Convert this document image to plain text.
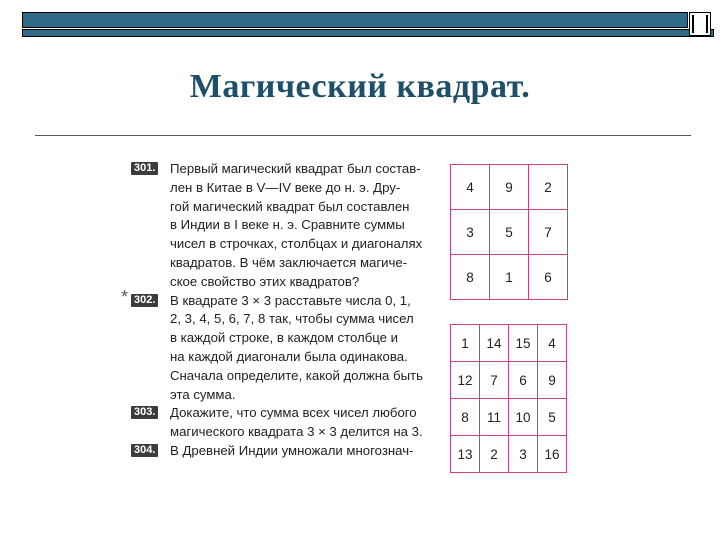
Магический квадрат.
301. Первый магический квадрат был состав-
лен в Китае в V—IV веке до н. э. Дру-
гой магический квадрат был составлен
в Индии в I веке н. э. Сравните суммы
чисел в строчках, столбцах и диагоналях
квадратов. В чём заключается магиче-
ское свойство этих квадратов?
* 302. В квадрате 3 × 3 расставьте числа 0, 1,
2, 3, 4, 5, 6, 7, 8 так, чтобы сумма чисел
в каждой строке, в каждом столбце и
на каждой диагонали была одинакова.
Сначала определите, какой должна быть
эта сумма.
303. Докажите, что сумма всех чисел любого
магического квадрата 3 × 3 делится на 3.
304. В Древней Индии умножали многознач-
4	9	2
3	5	7
8	1	6
1	14	15	4
12	7	6	9
8	11	10	5
13	2	3	16
